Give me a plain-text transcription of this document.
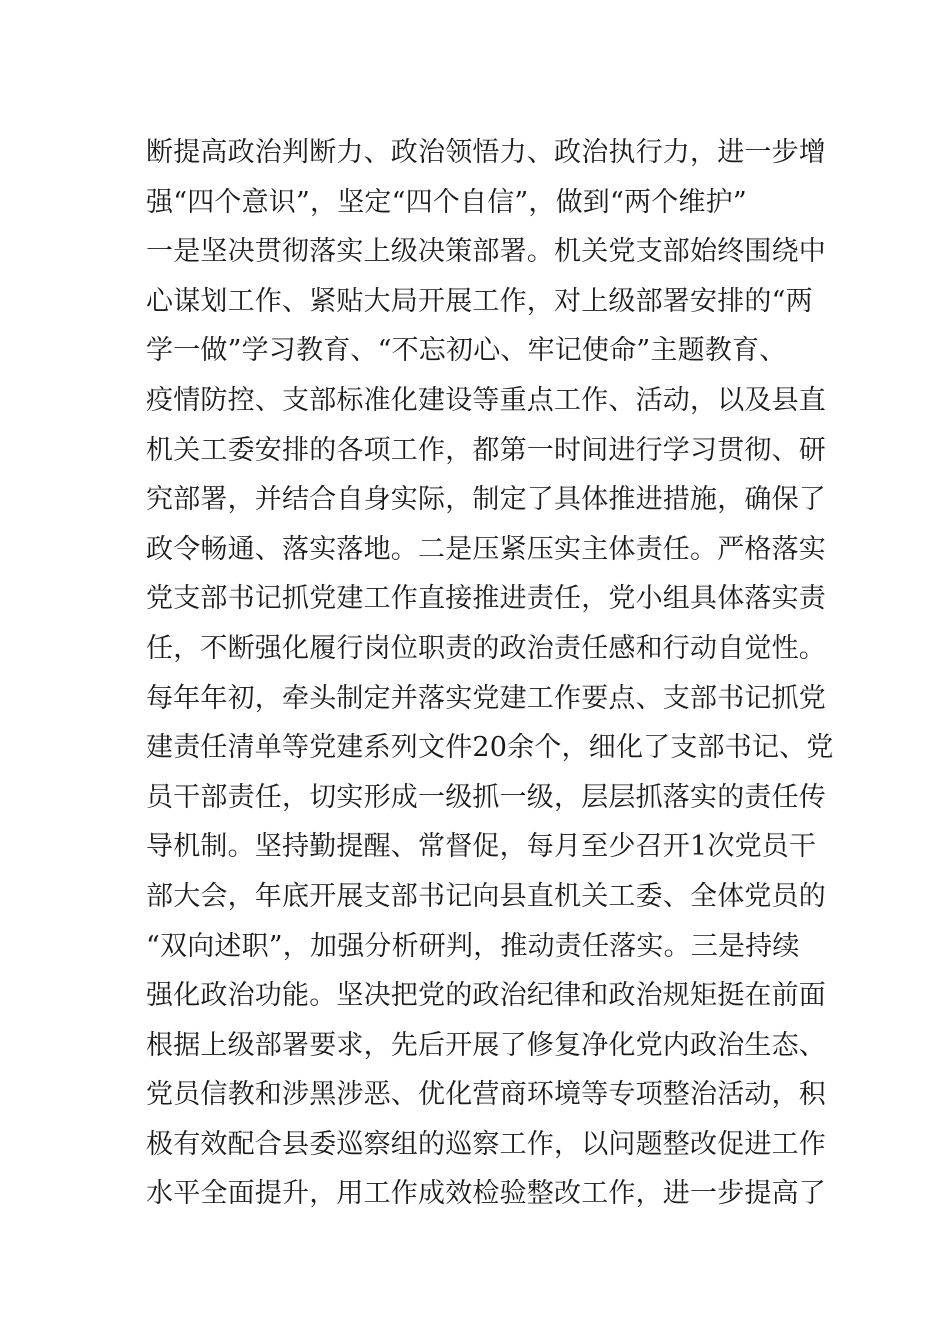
断提高政治判断力、政治领悟力、政治执行力，进一步增
强“四个意识”，坚定“四个自信”，做到“两个维护”
一是坚决贯彻落实上级决策部署。机关党支部始终围绕中
心谋划工作、紧贴大局开展工作，对上级部署安排的“两
学一做”学习教育、“不忘初心、牢记使命”主题教育、
疫情防控、支部标准化建设等重点工作、活动，以及县直
机关工委安排的各项工作，都第一时间进行学习贯彻、研
究部署，并结合自身实际，制定了具体推进措施，确保了
政令畅通、落实落地。二是压紧压实主体责任。严格落实
党支部书记抓党建工作直接推进责任，党小组具体落实责
任，不断强化履行岗位职责的政治责任感和行动自觉性。
每年年初，牵头制定并落实党建工作要点、支部书记抓党
建责任清单等党建系列文件20余个，细化了支部书记、党
员干部责任，切实形成一级抓一级，层层抓落实的责任传
导机制。坚持勤提醒、常督促，每月至少召开1次党员干
部大会，年底开展支部书记向县直机关工委、全体党员的
“双向述职”，加强分析研判，推动责任落实。三是持续
强化政治功能。坚决把党的政治纪律和政治规矩挺在前面
根据上级部署要求，先后开展了修复净化党内政治生态、
党员信教和涉黑涉恶、优化营商环境等专项整治活动，积
极有效配合县委巡察组的巡察工作，以问题整改促进工作
水平全面提升，用工作成效检验整改工作，进一步提高了
